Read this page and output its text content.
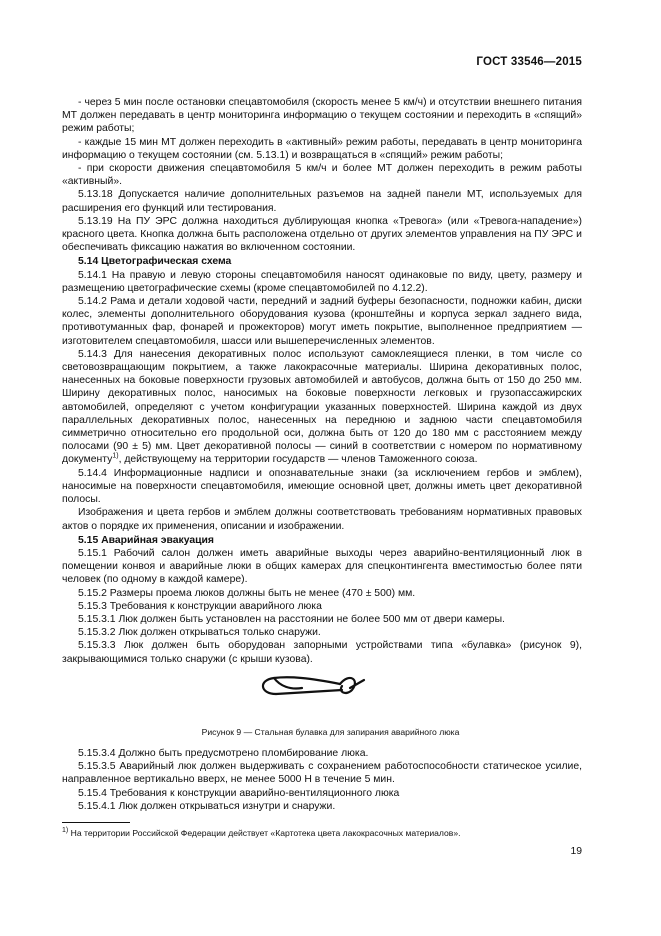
ГОСТ 33546—2015

- через 5 мин после остановки спецавтомобиля (скорость менее 5 км/ч) и отсутствии внешнего питания МТ должен передавать в центр мониторинга информацию о текущем состоянии и переходить в «спящий» режим работы;

- каждые 15 мин МТ должен переходить в «активный» режим работы, передавать в центр мониторинга информацию о текущем состоянии (см. 5.13.1) и возвращаться в «спящий» режим работы;

- при скорости движения спецавтомобиля 5 км/ч и более МТ должен переходить в режим работы «активный».

5.13.18 Допускается наличие дополнительных разъемов на задней панели МТ, используемых для расширения его функций или тестирования.

5.13.19 На ПУ ЭРС должна находиться дублирующая кнопка «Тревога» (или «Тревога-нападение») красного цвета. Кнопка должна быть расположена отдельно от других элементов управления на ПУ ЭРС и обеспечивать фиксацию нажатия во включенном состоянии.

5.14 Цветографическая схема

5.14.1 На правую и левую стороны спецавтомобиля наносят одинаковые по виду, цвету, размеру и размещению цветографические схемы (кроме спецавтомобилей по 4.12.2).

5.14.2 Рама и детали ходовой части, передний и задний буферы безопасности, подножки кабин, диски колес, элементы дополнительного оборудования кузова (кронштейны и корпуса зеркал заднего вида, противотуманных фар, фонарей и прожекторов) могут иметь покрытие, выполненное предприятием — изготовителем спецавтомобиля, шасси или вышеперечисленных элементов.

5.14.3 Для нанесения декоративных полос используют самоклеящиеся пленки, в том числе со световозвращающим покрытием, а также лакокрасочные материалы. Ширина декоративных полос, нанесенных на боковые поверхности грузовых автомобилей и автобусов, должна быть от 150 до 250 мм. Ширину декоративных полос, наносимых на боковые поверхности легковых и грузопассажирских автомобилей, определяют с учетом конфигурации указанных поверхностей. Ширина каждой из двух параллельных декоративных полос, нанесенных на переднюю и заднюю части спецавтомобиля симметрично относительно его продольной оси, должна быть от 120 до 180 мм с расстоянием между полосами (90 ± 5) мм. Цвет декоративной полосы — синий в соответствии с номером по нормативному документу$^{1)}$, действующему на территории государств — членов Таможенного союза.

5.14.4 Информационные надписи и опознавательные знаки (за исключением гербов и эмблем), наносимые на поверхности спецавтомобиля, имеющие основной цвет, должны иметь цвет декоративной полосы.

Изображения и цвета гербов и эмблем должны соответствовать требованиям нормативных правовых актов о порядке их применения, описании и изображении.

5.15 Аварийная эвакуация

5.15.1 Рабочий салон должен иметь аварийные выходы через аварийно-вентиляционный люк в помещении конвоя и аварийные люки в общих камерах для спецконтингента вместимостью более пяти человек (по одному в каждой камере).

5.15.2 Размеры проема люков должны быть не менее (470 ± 500) мм.

5.15.3 Требования к конструкции аварийного люка

5.15.3.1 Люк должен быть установлен на расстоянии не более 500 мм от двери камеры.

5.15.3.2 Люк должен открываться только снаружи.

5.15.3.3 Люк должен быть оборудован запорными устройствами типа «булавка» (рисунок 9), закрывающимися только снаружи (с крыши кузова).

Рисунок 9 — Стальная булавка для запирания аварийного люка

5.15.3.4 Должно быть предусмотрено пломбирование люка.

5.15.3.5 Аварийный люк должен выдерживать с сохранением работоспособности статическое усилие, направленное вертикально вверх, не менее 5000 Н в течение 5 мин.

5.15.4 Требования к конструкции аварийно-вентиляционного люка

5.15.4.1 Люк должен открываться изнутри и снаружи.

$^{1)}$ На территории Российской Федерации действует «Картотека цвета лакокрасочных материалов».
19
